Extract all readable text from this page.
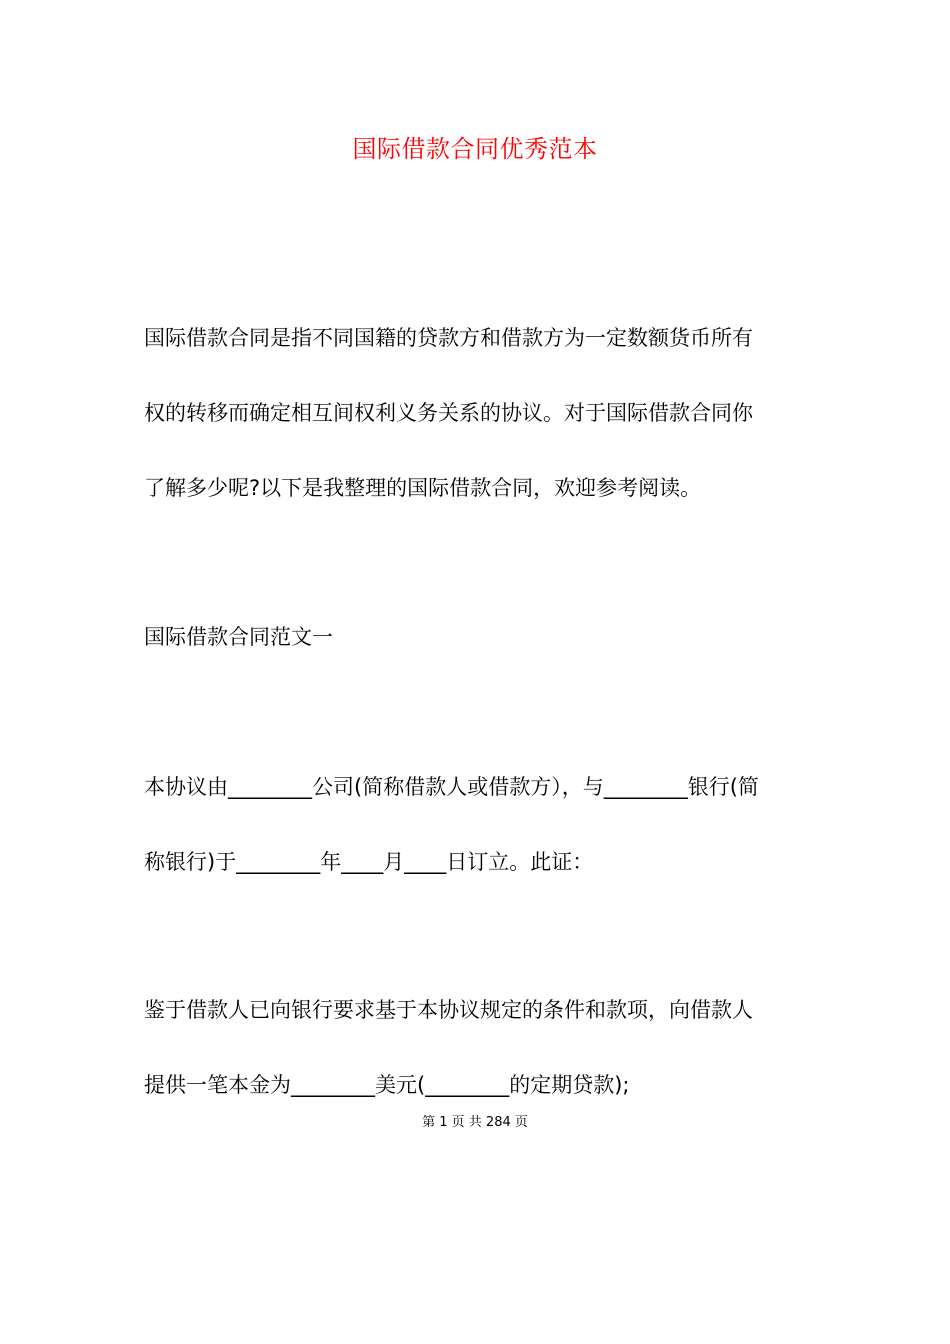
国际借款合同优秀范本
国际借款合同是指不同国籍的贷款方和借款方为一定数额货币所有
权的转移而确定相互间权利义务关系的协议。对于国际借款合同你
了解多少呢?以下是我整理的国际借款合同，欢迎参考阅读。
国际借款合同范文一
本协议由________公司(简称借款人或借款方），与________银行(简
称银行)于________年____月____日订立。此证：
鉴于借款人已向银行要求基于本协议规定的条件和款项，向借款人
提供一笔本金为________美元(________的定期贷款);
第 1 页 共 284 页
